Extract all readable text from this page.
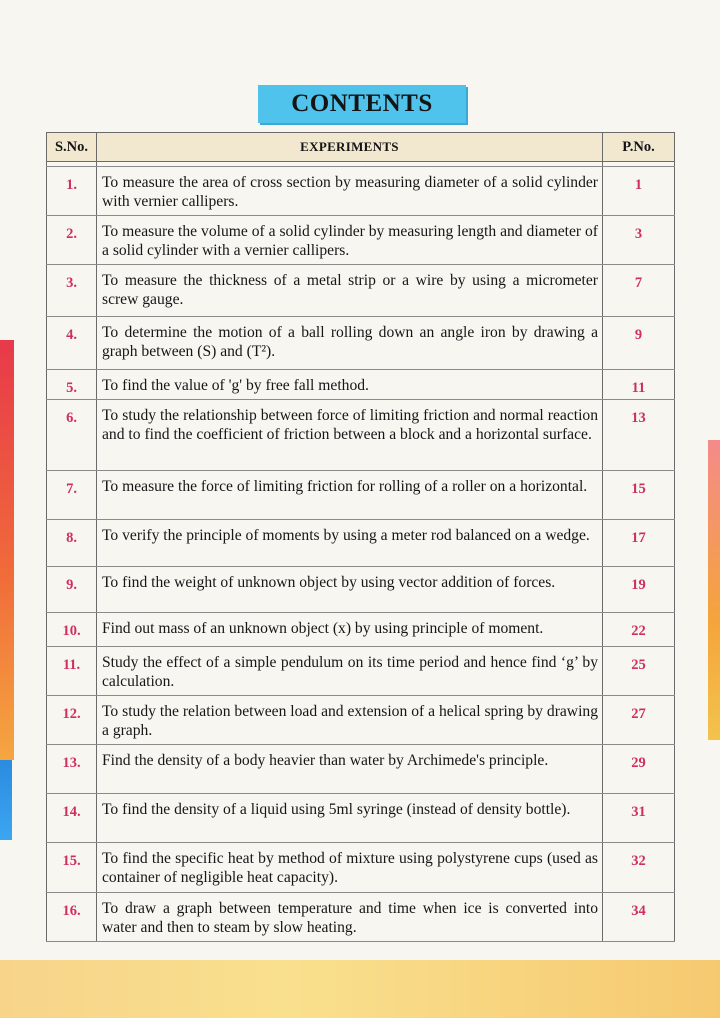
CONTENTS
S.No.	EXPERIMENTS	P.No.

1.	To measure the area of cross section by measuring diameter of a solid cylinder with vernier callipers.	1
2.	To measure the volume of a solid cylinder by measuring length and diameter of a solid cylinder with a vernier callipers.	3
3.	To measure the thickness of a metal strip or a wire by using a micrometer screw gauge.	7
4.	To determine the motion of a ball rolling down an angle iron by drawing a graph between (S) and (T²).	9
5.	To find the value of 'g' by free fall method.	11
6.	To study the relationship between force of limiting friction and normal reaction and to find the coefficient of friction between a block and a horizontal surface.	13
7.	To measure the force of limiting friction for rolling of a roller on a horizontal.	15
8.	To verify the principle of moments by using a meter rod balanced on a wedge.	17
9.	To find the weight of unknown object by using vector addition of forces.	19
10.	Find out mass of an unknown object (x) by using principle of moment.	22
11.	Study the effect of a simple pendulum on its time period and hence find ‘g’ by calculation.	25
12.	To study the relation between load and extension of a helical spring by drawing a graph.	27
13.	Find the density of a body heavier than water by Archimede's principle.	29
14.	To find the density of a liquid using 5ml syringe (instead of density bottle).	31
15.	To find the specific heat by method of mixture using polystyrene cups (used as container of negligible heat capacity).	32
16.	To draw a graph between temperature and time when ice is converted into water and then to steam by slow heating.	34
